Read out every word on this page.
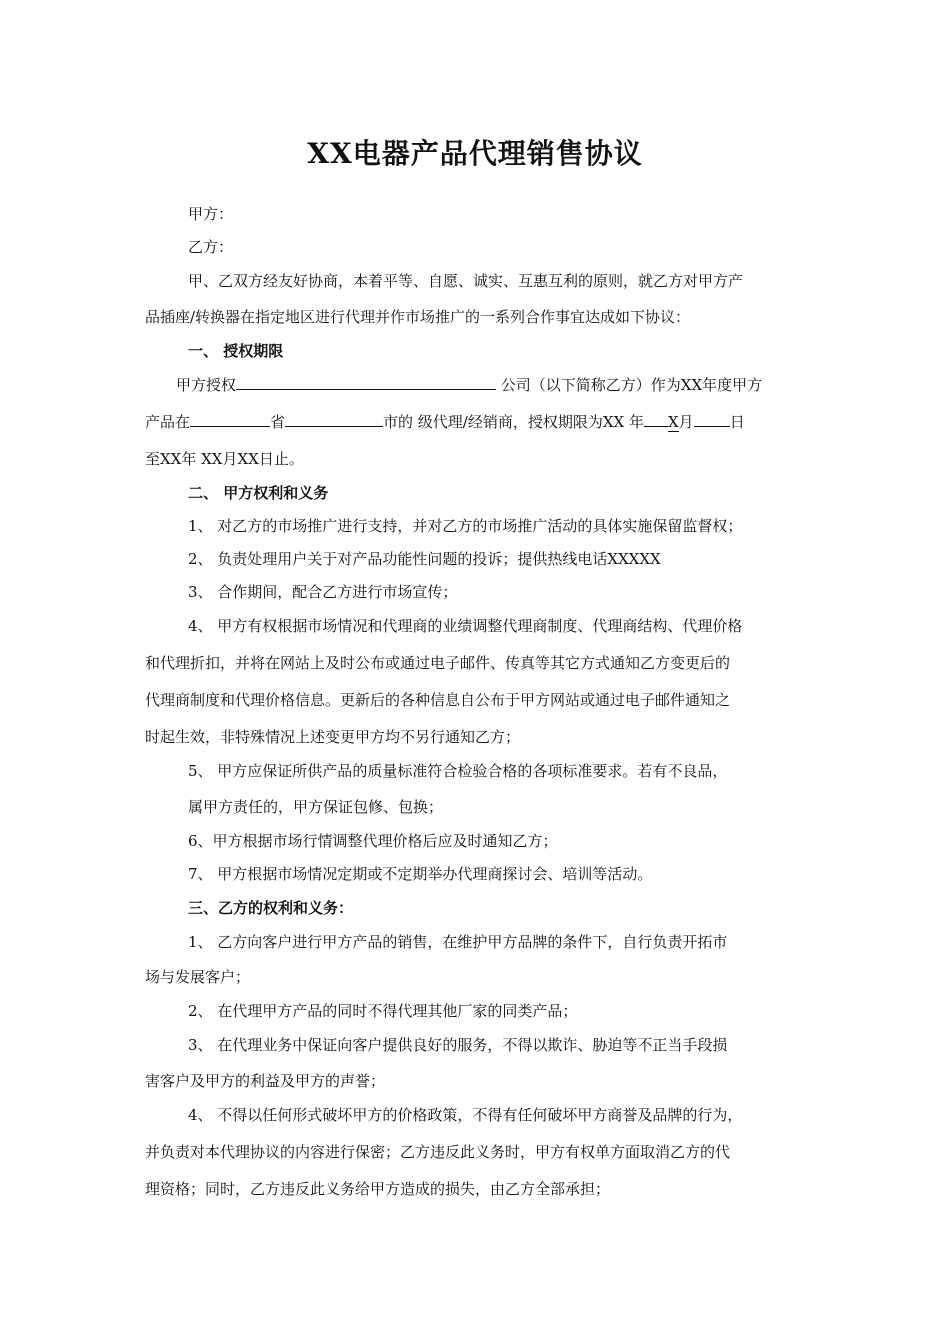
XX电器产品代理销售协议
甲方：
乙方：
甲、乙双方经友好协商，本着平等、自愿、诚实、互惠互利的原则，就乙方对甲方产
品插座/转换器在指定地区进行代理并作市场推广的一系列合作事宜达成如下协议：
一、 授权期限
甲方授权	公司（以下简称乙方）作为XX年度甲方
产品在	省	市的 级代理/经销商，授权期限为XX 年 X月 日
至XX年 XX月XX日止。
二、 甲方权利和义务
1、 对乙方的市场推广进行支持，并对乙方的市场推广活动的具体实施保留监督权；
2、 负责处理用户关于对产品功能性问题的投诉；提供热线电话XXXXX
3、 合作期间，配合乙方进行市场宣传；
4、 甲方有权根据市场情况和代理商的业绩调整代理商制度、代理商结构、代理价格
和代理折扣，并将在网站上及时公布或通过电子邮件、传真等其它方式通知乙方变更后的
代理商制度和代理价格信息。更新后的各种信息自公布于甲方网站或通过电子邮件通知之
时起生效，非特殊情况上述变更甲方均不另行通知乙方；
5、 甲方应保证所供产品的质量标准符合检验合格的各项标准要求。若有不良品，
属甲方责任的，甲方保证包修、包换；
6、甲方根据市场行情调整代理价格后应及时通知乙方；
7、 甲方根据市场情况定期或不定期举办代理商探讨会、培训等活动。
三、乙方的权利和义务：
1、 乙方向客户进行甲方产品的销售，在维护甲方品牌的条件下，自行负责开拓市
场与发展客户；
2、 在代理甲方产品的同时不得代理其他厂家的同类产品；
3、 在代理业务中保证向客户提供良好的服务，不得以欺诈、胁迫等不正当手段损
害客户及甲方的利益及甲方的声誉；
4、 不得以任何形式破坏甲方的价格政策，不得有任何破坏甲方商誉及品牌的行为，
并负责对本代理协议的内容进行保密；乙方违反此义务时，甲方有权单方面取消乙方的代
理资格；同时，乙方违反此义务给甲方造成的损失，由乙方全部承担；
